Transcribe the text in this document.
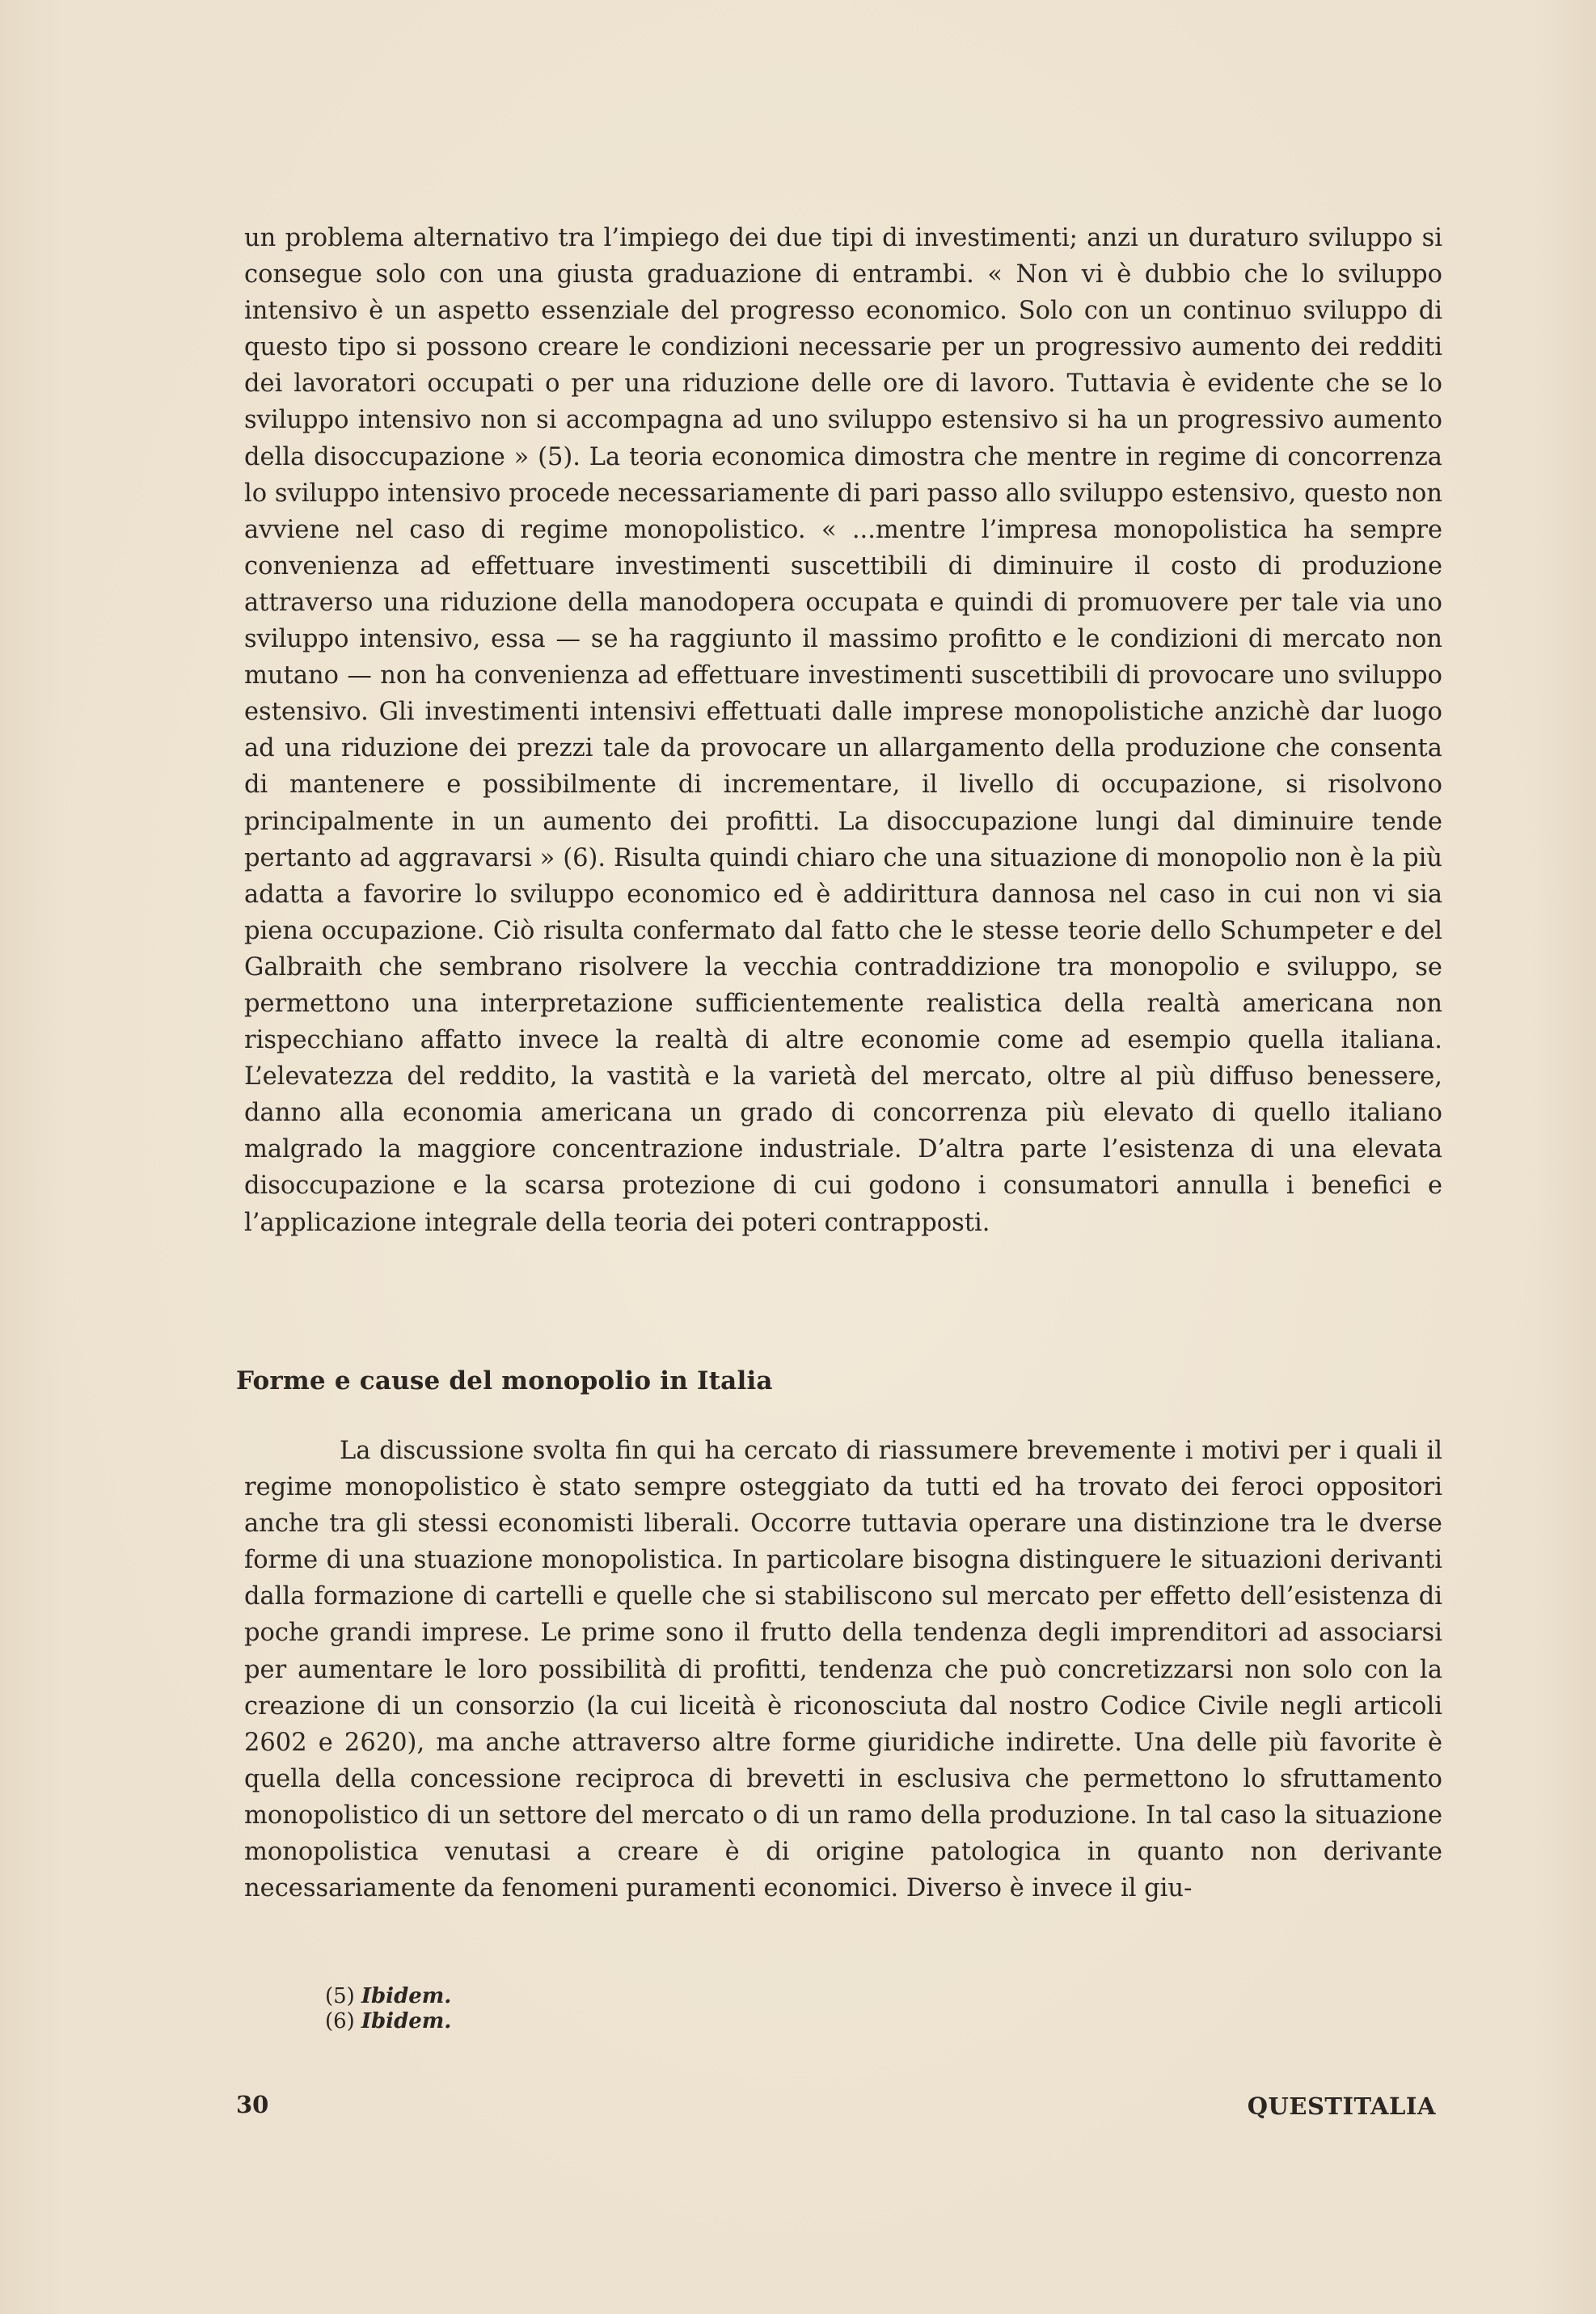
un problema alternativo tra l’impiego dei due tipi di investimenti; anzi un duraturo sviluppo si consegue solo con una giusta graduazione di entrambi. « Non vi è dubbio che lo sviluppo intensivo è un aspetto essenziale del progresso economico. Solo con un continuo sviluppo di questo tipo si possono creare le condizioni necessarie per un progressivo aumento dei redditi dei lavoratori occupati o per una riduzione delle ore di lavoro. Tuttavia è evidente che se lo sviluppo intensivo non si accompagna ad uno sviluppo estensivo si ha un progressivo aumento della disoccupazione » (5). La teoria economica dimostra che mentre in regime di concorrenza lo sviluppo intensivo procede necessariamente di pari passo allo sviluppo estensivo, questo non avviene nel caso di regime monopolistico. « ...mentre l’impresa monopolistica ha sempre convenienza ad effettuare investimenti suscettibili di diminuire il costo di produzione attraverso una riduzione della manodopera occupata e quindi di promuovere per tale via uno sviluppo intensivo, essa — se ha raggiunto il massimo profitto e le condizioni di mercato non mutano — non ha convenienza ad effettuare investimenti suscettibili di provocare uno sviluppo estensivo. Gli investimenti intensivi effettuati dalle imprese monopolistiche anzichè dar luogo ad una riduzione dei prezzi tale da provocare un allargamento della produzione che consenta di mantenere e possibilmente di incrementare, il livello di occupazione, si risolvono principalmente in un aumento dei profitti. La disoccupazione lungi dal diminuire tende pertanto ad aggravarsi » (6). Risulta quindi chiaro che una situazione di monopolio non è la più adatta a favorire lo sviluppo economico ed è addirittura dannosa nel caso in cui non vi sia piena occupazione. Ciò risulta confermato dal fatto che le stesse teorie dello Schumpeter e del Galbraith che sembrano risolvere la vecchia contraddizione tra monopolio e sviluppo, se permettono una interpretazione sufficientemente realistica della realtà americana non rispecchiano affatto invece la realtà di altre economie come ad esempio quella italiana. L’elevatezza del reddito, la vastità e la varietà del mercato, oltre al più diffuso benessere, danno alla economia americana un grado di concorrenza più elevato di quello italiano malgrado la maggiore concentrazione industriale. D’altra parte l’esistenza di una elevata disoccupazione e la scarsa protezione di cui godono i consumatori annulla i benefici e l’applicazione integrale della teoria dei poteri contrapposti.

Forme e cause del monopolio in Italia

La discussione svolta fin qui ha cercato di riassumere brevemente i motivi per i quali il regime monopolistico è stato sempre osteggiato da tutti ed ha trovato dei feroci oppositori anche tra gli stessi economisti liberali. Occorre tuttavia operare una distinzione tra le dverse forme di una stuazione monopolistica. In particolare bisogna distinguere le situazioni derivanti dalla formazione di cartelli e quelle che si stabiliscono sul mercato per effetto dell’esistenza di poche grandi imprese. Le prime sono il frutto della tendenza degli imprenditori ad associarsi per aumentare le loro possibilità di profitti, tendenza che può concretizzarsi non solo con la creazione di un consorzio (la cui liceità è riconosciuta dal nostro Codice Civile negli articoli 2602 e 2620), ma anche attraverso altre forme giuridiche indirette. Una delle più favorite è quella della concessione reciproca di brevetti in esclusiva che permettono lo sfruttamento monopolistico di un settore del mercato o di un ramo della produzione. In tal caso la situazione monopolistica venutasi a creare è di origine patologica in quanto non derivante necessariamente da fenomeni puramenti economici. Diverso è invece il giu-

(5) Ibidem.
(6) Ibidem.
30	QUESTITALIA
